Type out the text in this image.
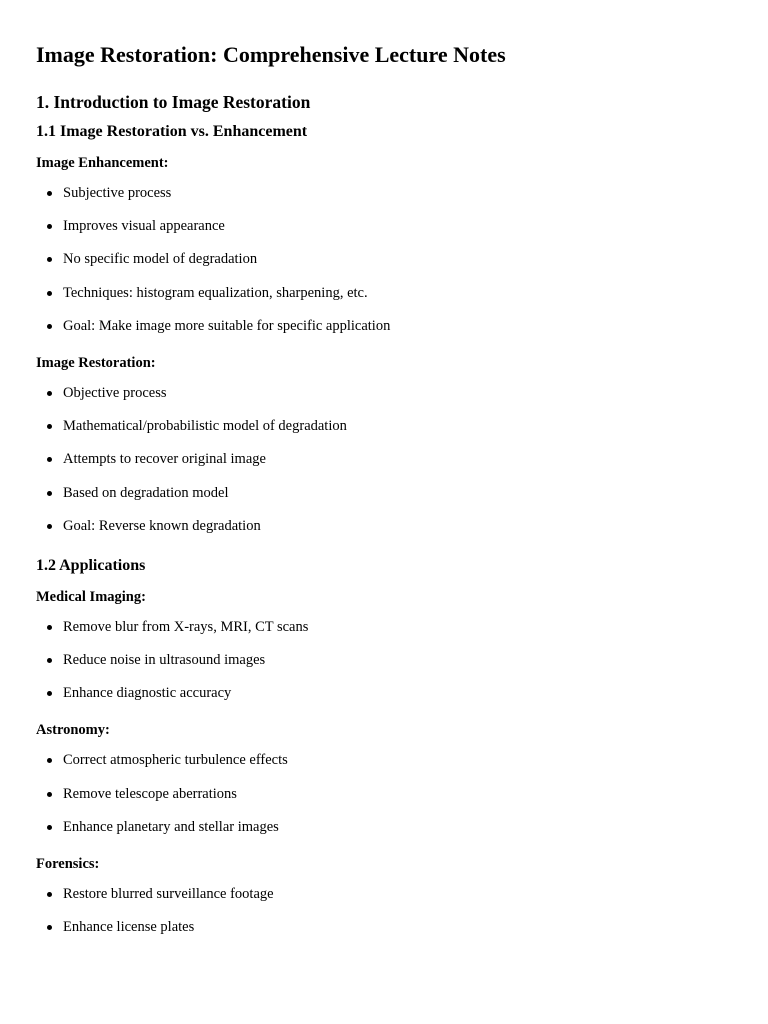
Image Restoration: Comprehensive Lecture Notes
1. Introduction to Image Restoration
1.1 Image Restoration vs. Enhancement

Image Enhancement:

Subjective process
Improves visual appearance
No specific model of degradation
Techniques: histogram equalization, sharpening, etc.
Goal: Make image more suitable for specific application

Image Restoration:

Objective process
Mathematical/probabilistic model of degradation
Attempts to recover original image
Based on degradation model
Goal: Reverse known degradation
1.2 Applications

Medical Imaging:

Remove blur from X-rays, MRI, CT scans
Reduce noise in ultrasound images
Enhance diagnostic accuracy

Astronomy:

Correct atmospheric turbulence effects
Remove telescope aberrations
Enhance planetary and stellar images

Forensics:

Restore blurred surveillance footage
Enhance license plates
